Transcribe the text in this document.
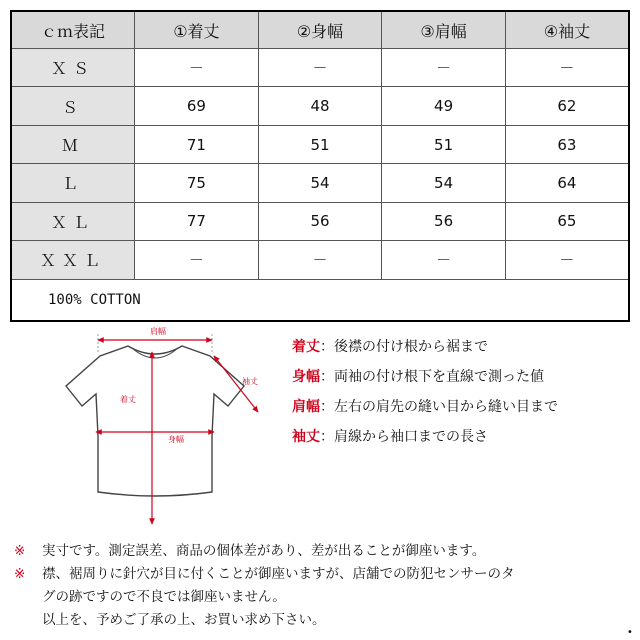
ｃｍ表記	①着丈	②身幅	③肩幅	④袖丈
ＸＳ	－	－	－	－
Ｓ	69	48	49	62
Ｍ	71	51	51	63
Ｌ	75	54	54	64
ＸＬ	77	56	56	65
ＸＸＬ	－	－	－	－
100% COTTON				
肩幅
着丈
袖丈
身幅
着丈：後襟の付け根から裾まで
身幅：両袖の付け根下を直線で測った値
肩幅：左右の肩先の縫い目から縫い目まで
袖丈：肩線から袖口までの長さ
※ 実寸です。測定誤差、商品の個体差があり、差が出ることが御座います。
※ 襟、裾周りに針穴が目に付くことが御座いますが、店舗での防犯センサーのタ
グの跡ですので不良では御座いません。
以上を、予めご了承の上、お買い求め下さい。
•
